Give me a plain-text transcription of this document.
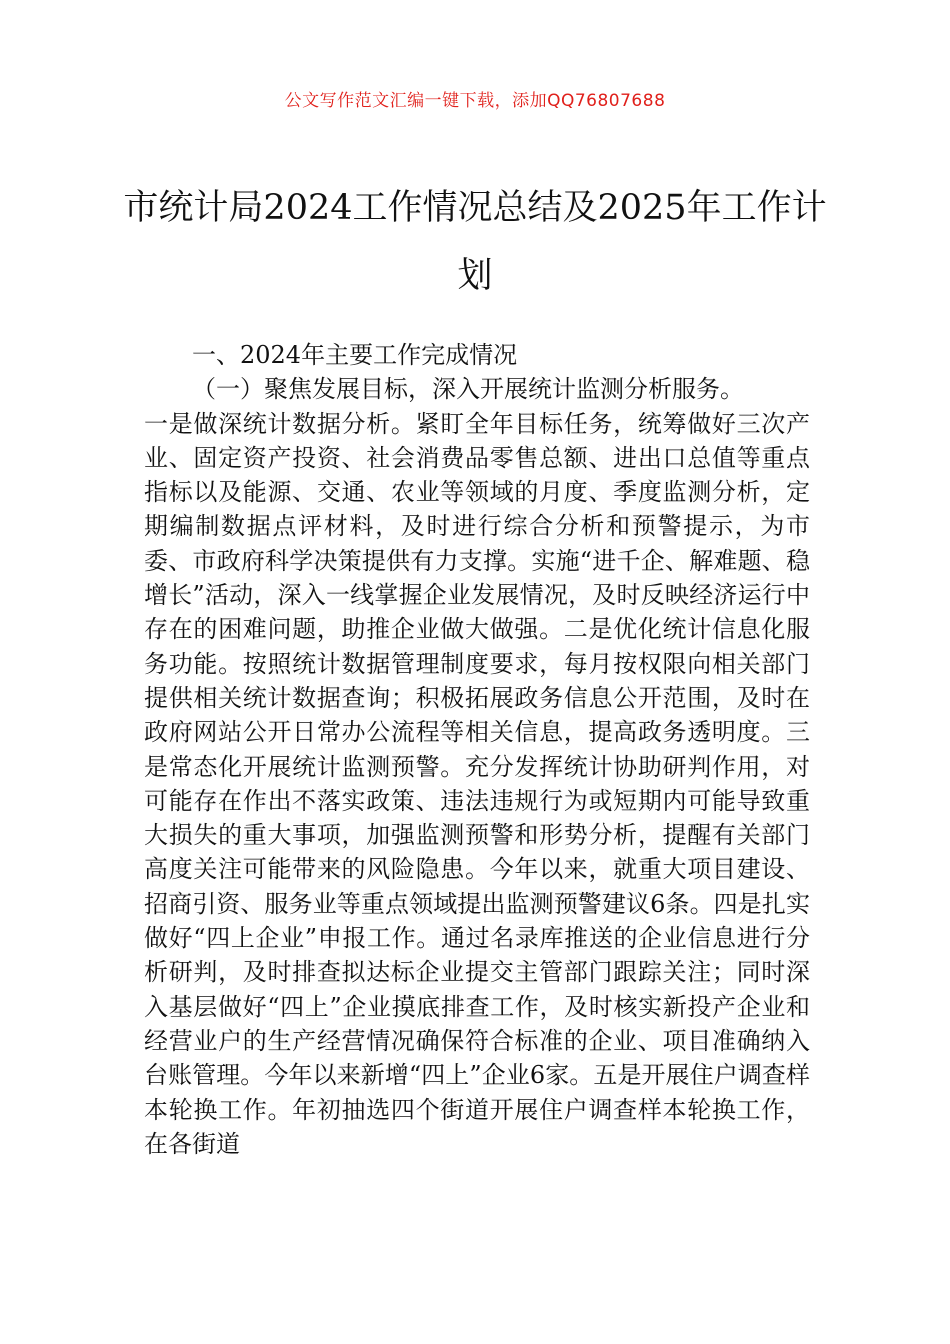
公文写作范文汇编一键下载，添加QQ76807688
市统计局2024工作情况总结及2025年工作计划
一、2024年主要工作完成情况
（一）聚焦发展目标，深入开展统计监测分析服务。
一是做深统计数据分析。紧盯全年目标任务，统筹做好三次产业、固定资产投资、社会消费品零售总额、进出口总值等重点指标以及能源、交通、农业等领域的月度、季度监测分析，定期编制数据点评材料，及时进行综合分析和预警提示，为市委、市政府科学决策提供有力支撑。实施“进千企、解难题、稳增长”活动，深入一线掌握企业发展情况，及时反映经济运行中存在的困难问题，助推企业做大做强。二是优化统计信息化服务功能。按照统计数据管理制度要求，每月按权限向相关部门提供相关统计数据查询；积极拓展政务信息公开范围，及时在政府网站公开日常办公流程等相关信息，提高政务透明度。三是常态化开展统计监测预警。充分发挥统计协助研判作用，对可能存在作出不落实政策、违法违规行为或短期内可能导致重大损失的重大事项，加强监测预警和形势分析，提醒有关部门高度关注可能带来的风险隐患。今年以来，就重大项目建设、招商引资、服务业等重点领域提出监测预警建议6条。四是扎实做好“四上企业”申报工作。通过名录库推送的企业信息进行分析研判，及时排查拟达标企业提交主管部门跟踪关注；同时深入基层做好“四上”企业摸底排查工作，及时核实新投产企业和经营业户的生产经营情况确保符合标准的企业、项目准确纳入台账管理。今年以来新增“四上”企业6家。五是开展住户调查样本轮换工作。年初抽选四个街道开展住户调查样本轮换工作，在各街道
